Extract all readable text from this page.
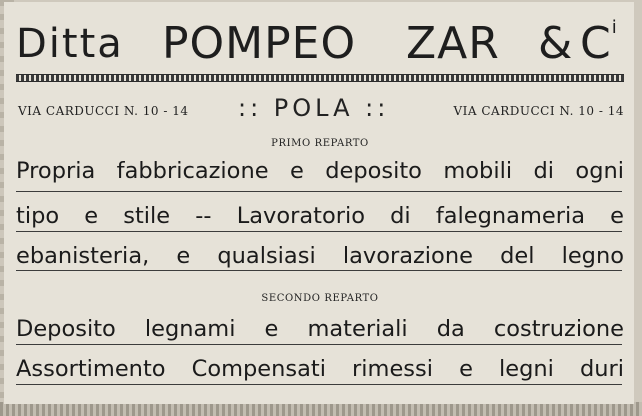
Ditta POMPEO ZAR & $C^i$
VIA CARDUCCI N. 10 - 14 :: POLA ::	VIA CARDUCCI N. 10 - 14
PRIMO REPARTO
Propria fabbricazione e deposito mobili di ogni
tipo e stile -- Lavoratorio di falegnameria e
ebanisteria, e qualsiasi lavorazione del legno
SECONDO REPARTO
Deposito legnami e materiali da costruzione
Assortimento Compensati rimessi e legni duri
